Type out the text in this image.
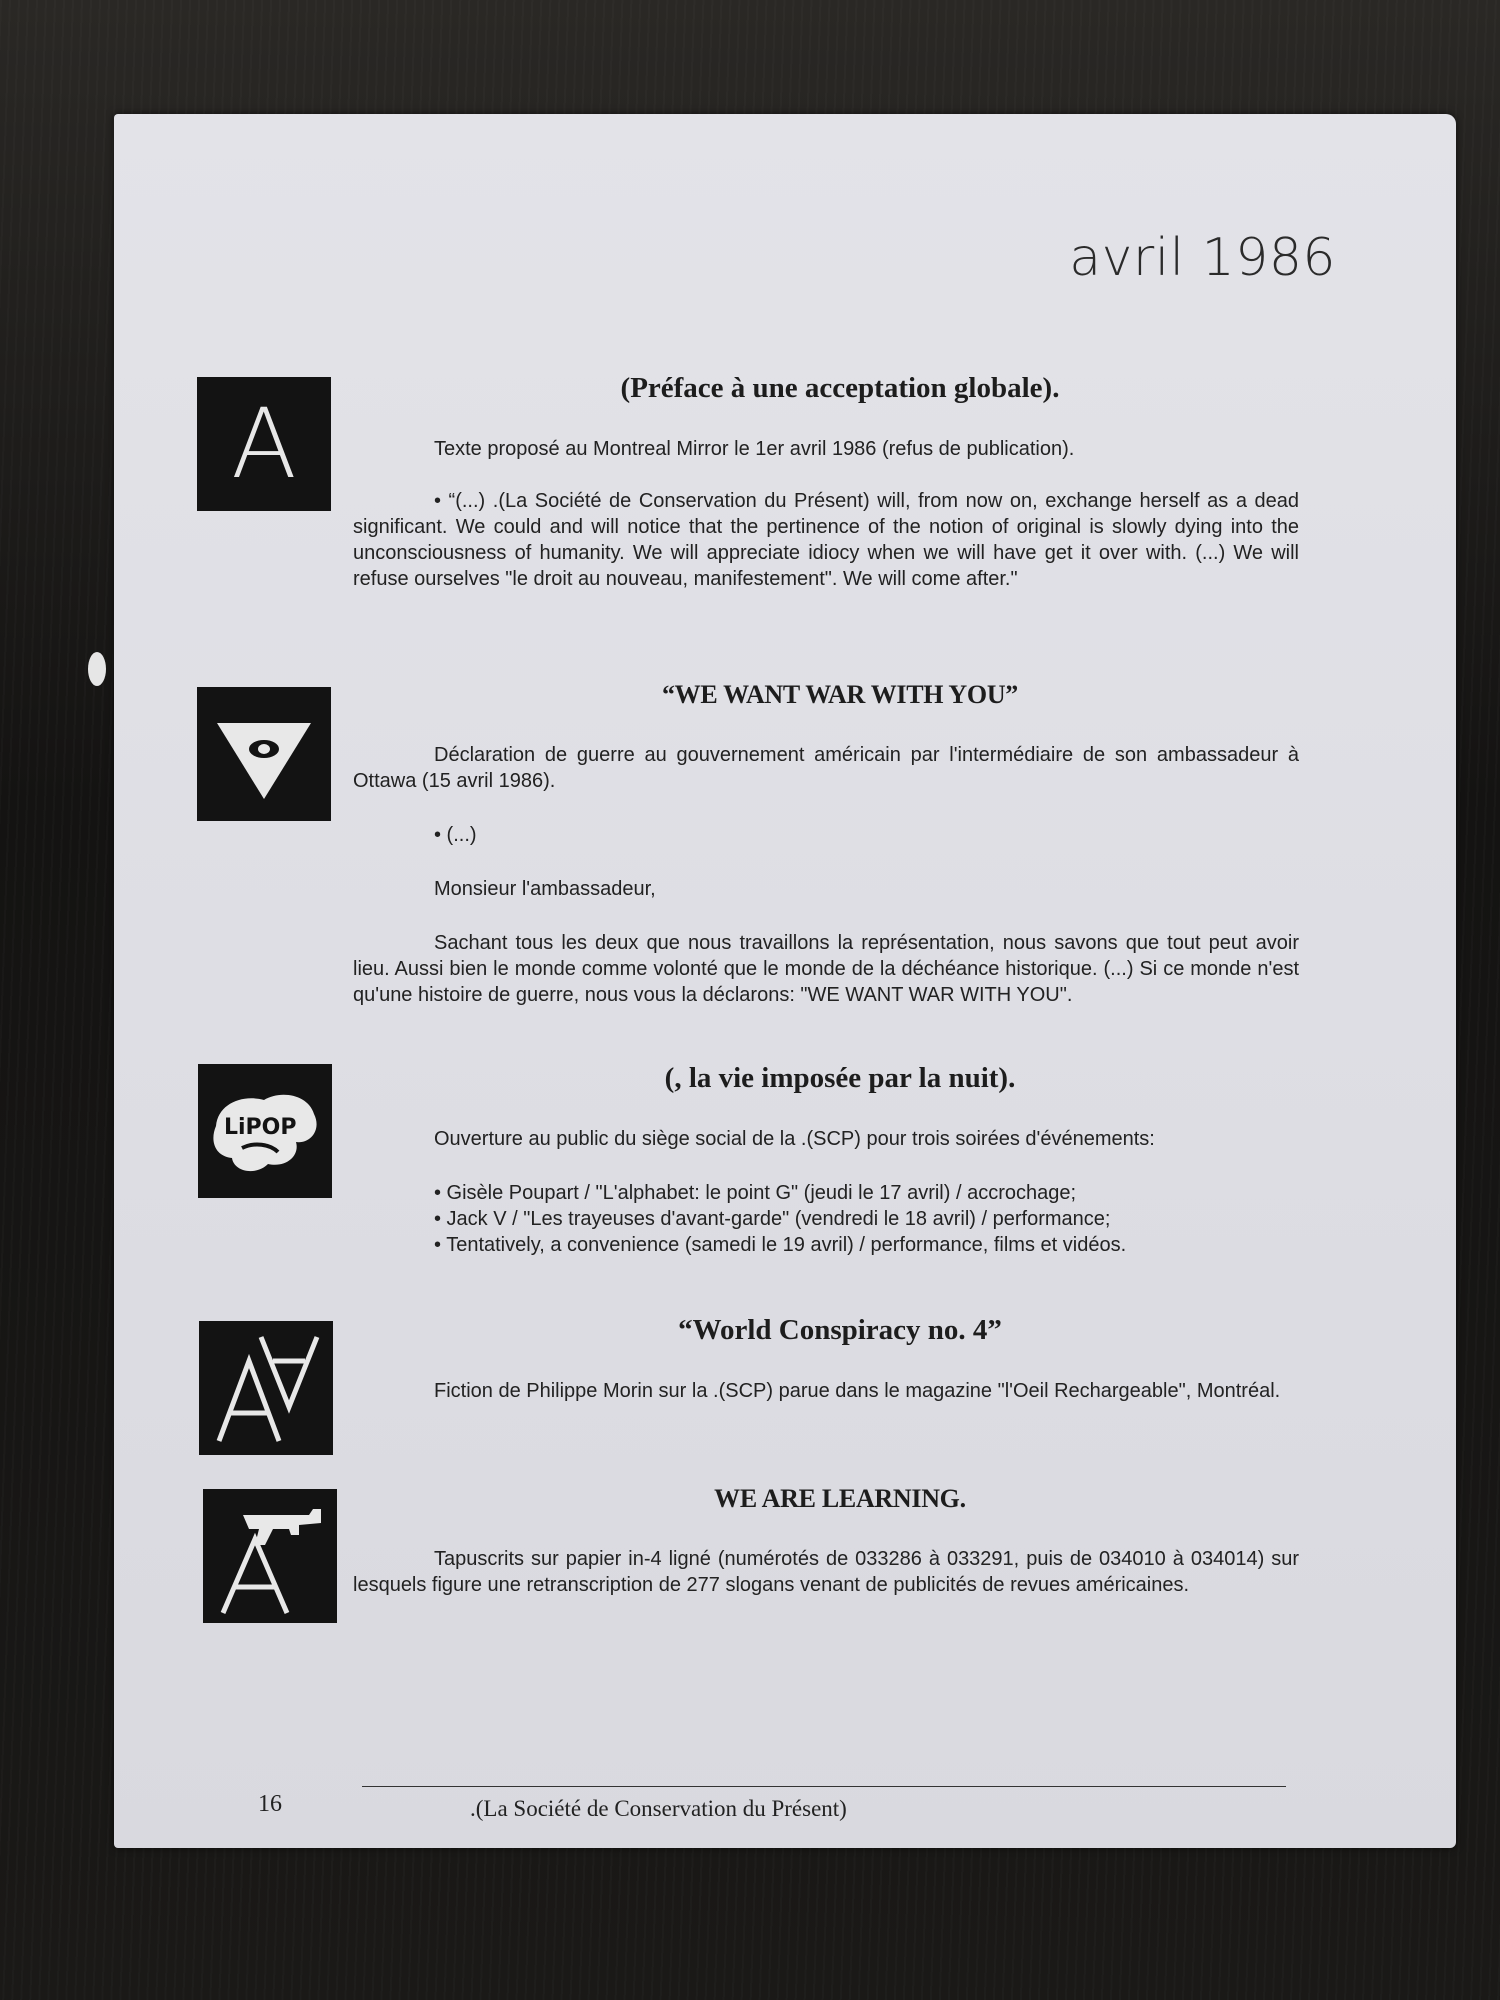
avril 1986
A	(Préface à une acceptation globale).

Texte proposé au Montreal Mirror le 1er avril 1986 (refus de publication).

• “(...) .(La Société de Conservation du Présent) will, from now on, exchange herself as a dead significant. We could and will notice that the pertinence of the notion of original is slowly dying into the unconsciousness of humanity. We will appreciate idiocy when we will have get it over with. (...) We will refuse ourselves "le droit au nouveau, manifestement". We will come after."

“WE WANT WAR WITH YOU”

Déclaration de guerre au gouvernement américain par l'intermédiaire de son ambassadeur à Ottawa (15 avril 1986).

• (...)

Monsieur l'ambassadeur,

Sachant tous les deux que nous travaillons la représentation, nous savons que tout peut avoir lieu. Aussi bien le monde comme volonté que le monde de la déchéance historique. (...) Si ce monde n'est qu'une histoire de guerre, nous vous la déclarons: "WE WANT WAR WITH YOU".

LiPOP
(, la vie imposée par la nuit).

Ouverture au public du siège social de la .(SCP) pour trois soirées d'événements:

• Gisèle Poupart / "L'alphabet: le point G" (jeudi le 17 avril) / accrochage;
• Jack V / "Les trayeuses d'avant-garde" (vendredi le 18 avril) / performance;
• Tentatively, a convenience (samedi le 19 avril) / performance, films et vidéos.
“World Conspiracy no. 4”

Fiction de Philippe Morin sur la .(SCP) parue dans le magazine "l'Oeil Rechargeable", Montréal.

WE ARE LEARNING.

Tapuscrits sur papier in-4 ligné (numérotés de 033286 à 033291, puis de 034010 à 034014) sur lesquels figure une retranscription de 277 slogans venant de publicités de revues américaines.

16	.(La Société de Conservation du Présent)
